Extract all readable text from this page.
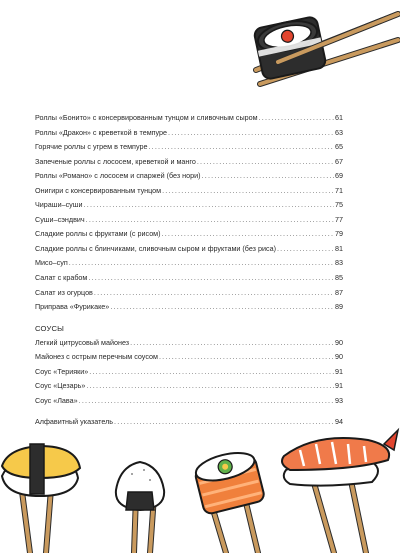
Роллы «Бонито» с консервированным тунцом и сливочным сыром .....	61
Роллы «Дракон» с креветкой в темпуре .....	63
Горячие роллы с угрем в темпуре .....	65
Запеченые роллы с лососем, креветкой и манго .....	67
Роллы «Романо» с лососем и спаржей (без нори) .....	69
Онигири с консервированным тунцом .....	71
Чираши–суши .....	75
Суши–сэндвич .....	77
Сладкие роллы с фруктами (с рисом) .....	79
Сладкие роллы с блинчиками, сливочным сыром и фруктами (без риса) .....	81
Мисо–суп .....	83
Салат с крабом .....	85
Салат из огурцов .....	87
Приправа «Фурикаке» .....	89
СОУСЫ
Легкий цитрусовый майонез .....	90
Майонез с острым перечным соусом .....	90
Соус «Терияки» .....	91
Соус «Цезарь» .....	91
Соус «Лава» .....	93
Алфавитный указатель .....	94
